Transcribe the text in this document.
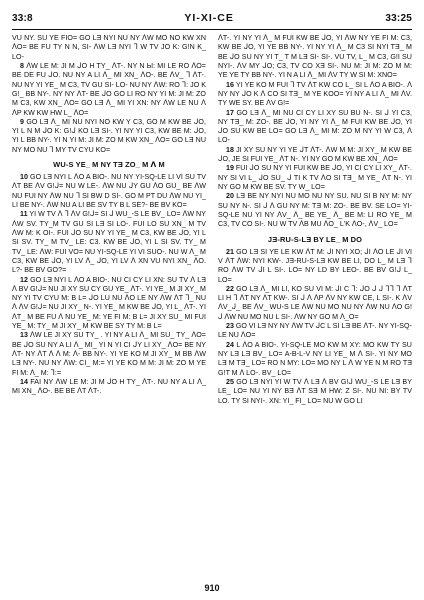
33:8	YI-XI-CE	33:25

VU NY. SU YE FIO= GO LƎ NYI NU NY ᐱW MO NO KW XN ᐱO= BE FU TY N N, SI- ᐱW LƎ NYI ᒣ W TV JO K: G!N K_ LO-

8 ᐱW LE M: JI M ᒍO H TY_ ᐱT-. NY N Ы: MI LE RO ᐱO= BE DE FU ᒍO. NU NY A LI ᐱ_ MI XN_ ᐱO-. BE ᐱV_ ᒣ ᐱT-. NU NY YI YE_ M C3, TV GU SI- LO- NU NY ᐱW: RO ᒣ: JO K G!_ BB NY-. NY NY ᐱT- BE ᒍO GO LI RO NY YI M: JI M: ZO M C3, KW XN_ ᐱO= GO LƎ ᐱ_ MI YI XN: NY ᐱW LE NU ᐱ ᐱP KW KW HW L_ ᐱO=

9 GO LƎ ᐱ_ MI NU NYI NO KW Y C3, GO M KW BE ᒍO, YI L N M ᒍO K: G!ᒍ KO LƎ SI-. YI NY YI C3, KW BE M: ᒍO, YI L BB NY-. YI N YI M: JI M: ZO M KW XN_ ᐱO= GO LƎ NU NY MO NU ᒣ MY TV CYU KO=

WU-S YE_ M NY TƎ ZO_ M ᐱ M

10 GO LƎ NYI L ᐱO A BIO-. NU NY YI-SQ-LE LI VI SU TV ᐱT BE ᐱV G!ᒍ= NU W LE-. ᐱW NU ᒍY GU ᐱO GU_ BE ᐱW NU FUI NY ᐱW NU ᒣ SI BW D SI-. GO M PT DU ᐱW NU YI_ LI BE NY-. ᐱW NU A LI BE SV TY B L SE?- BE BV KO=

11 YI W TV ᐱ ᒣ ᐱV G!ᒍ= SI ᒍ WU_-S LE BV_ LO= ᐱW NY ᐱW SV. TY_M TV GU SI LƎ SI LO-. FUI LO SU XN_ M TV ᐱW M: K OI-. FUI ᒍO SU NY YI YE_ M C3, KW BE ᒍO, YI L SI SV. TY_ M TV_ LE: C3. KW BE ᒍO, YI L SI SV. TY_ M TV_ LE: ᐱW: FUI VO= NU YI-SQ-LE YI VI SUO-. NU W ᐱ_ M C3, KW BE ᒍO, YI LV ᐱ_ ᒍO, YI LV ᐱ XN VU NYI XN_ ᐱO. L?- BE BV GO?=

12 GO LƎ NYI L ᐱO A BIO-. NU CI CY LI XN: SU TV ᐱ LƎ ᐱ BV G!ᒍ= NU JI XY SU CY GU YE_ ᐱT-. YI YE_ M JI XY_ M NY YI TV CYU M: B L= ᒍO LU NU ᐱO LE NY ᐱW ᐱT ᒣ_ NU ᐱ ᐱV G!ᒍ= NU JI XY_ N-. YI YE_ M KW BE ᒍO, YI L_ ᐱT-. YI ᐱT_ M BE FU ᐱ NU YE_ M: YE FI M: B L= JI XY SU_ MI FUI YE_ M: TY_ M JI XY_ M KW BE SY TY M: B L=

13 ᐱW LE JI XY SU TY_ . YI NY A LI ᐱ_ MI SU_ TY_ ᐱO= BE ᒍO SU NY A LI ᐱ_ MI_ YI N YI CI ᒍY LI XY_ ᐱO= BE NY ᐱT- NY ᐱT ᐱ ᐱ M: ᐱ- BB NY-. YI YE KO M JI XY_ M BB ᐱW LƎ NY-. NU NY ᐱW: CI_ M:= YI YE KO M M: JI M: ZO M YE FI M: ᐱ_ M: ᒣ:=

14 FAI NY ᐱW LE M: JI M ᒍO H TY_ ᐱT-. NU NY A LI ᐱ_ MI XN_ ᐱO-. BE BE ᐱT ᐱT-.

ᐱT-. YI NY YI ᐱ_ M FUI KW BE ᒍO, YI ᐱW NY YE FI M: C3, KW BE ᒍO, YI YE BB NY-. YI NY YI ᐱ_ M C3 SI NYI TƎ_ M BE ᒍO SU NY YI T_ T M LƎ SI- SI-. VU TV, L_ M C3, G!I SU NYI-. ᐱV MY ᒍO; C3, TV CO XƎ SI-. NU M: JI M: ZO M M: YE YE TY BB NY-. YI N A LI ᐱ_ MI ᐱV TY W SI M: XNO=

16 YI YE KO M FUI ᒣ TV ᐱT KW CO L_ SI L ᐱO A BIO-. ᐱ NY NY ᒍO K ᐱ CO SI TƎ_ M YE KOO= YI NY A LI ᐱ_ MI ᐱV. TY WE SY. BE ᐱV G!=

17 GO LƎ ᐱ_ MI NU CI CY LI XY SU BU N-. SI ᒍ YI C3, NY TƎ_ M: ZO-. BE ᒍO, YI NY YI ᐱ_ M FUI KW BE ᒍO, YI ᒍO SU KW BE LO= GO LƎ ᐱ_ MI M: ZO M NY YI W C3, ᐱ LO-

18 JI XY SU NY YI YE ᒍT ᐱT-. ᐱW M M: JI XY_ M KW BE ᒍO, JE SI FUI YE_ ᐱT N-. YI NY GO M KW BE XN_ ᐱO=

19 FUI ᒍO SU NY YI FUI KW BE ᒍO, YI CI CY LI XY_ ᐱT-. NY SI VI L_ ᒍO SU_ ᒍ TI K TV ᐱO SI TƎ_ M YE_ ᐱT N-. YI NY GO M KW BE SV. TY W_ LO=

20 LƎ BE NY NYI NU MO NU NY SU. NU SI B NY M: NY SU NY N-. SI ᒍ ᐱ GU NY M: TƎ M: ZO-. BE BV. SE LO= YI-SQ-LE NU YI NY ᐱV_ ᐱ_ BE YE_ ᐱ_ BE M: LI RO YE_ M C3, TV CO SI-. NU W TV ᐱB MU ᐱO_ L'K ᐱO-, ᐱV_ LO=

JƎ-RU-S-LƎ BY LE_ M DO

21 GO LƎ SI YE LE KW ᐱT M: ᒍI NYI XO; ᒍI ᐱO LE ᒍI VI V ᐱT ᐱW: NYI KW-. JƎ-RU-S-LƎ KW BE LI, DO L_ M LƎ ᒣ RO ᐱW TV ᒍI L SI-. LO= NY LD BY LEO-. BE BV G!ᒍ L_ LO=

22 GO LƎ ᐱ_ MI LI, KO SU VI M: ᒍI C ᒣ: ᒍO ᒍ ᒍ ᒣᒣ ᒣ ᐱT LI H ᒣ ᐱT NY ᐱT KW-. SI ᒍ ᐱ ᐱP ᐱV NY KW CE, L SI-. K ᐱV ᐱV_ᒍ_ BE ᐱV_ WU-S LE ᐱW NU MO NU NY ᐱW NU ᐱO G!ᒍ ᐱW NU MO NU L SI-. ᐱW NY GO M ᐱ_O=

23 GO VI LƎ NY NY ᐱW TV ᒍC L SI LƎ BE ᐱT-. NY YI-SQ-LE NU ᐱO=

24 L ᐱO A BIO-. YI-SQ-LE MO KW M XY: MO KW TY SU NY LƎ LƎ BV_ LO= A-B-L-V NY LI YE_ M ᐱ SI-. YI NY MO LƎ M TƎ_ LO= RO N MY: LO= MO NY L ᐱ W YE N M RO TƎ G!T M ᐱ LO-. BV_ LO=

25 GO LƎ NYI YI W TV ᐱ LƎ ᐱ BV G!ᒍ WU_-S LE LƎ BY LE_ LO= NU YI NY BƎ ᐱT SƎ M HW: Z SI-. NU NI: BY TV LO. TY SI NYI-. XN: YI_ FI_ LO= NU W GO LI

910
